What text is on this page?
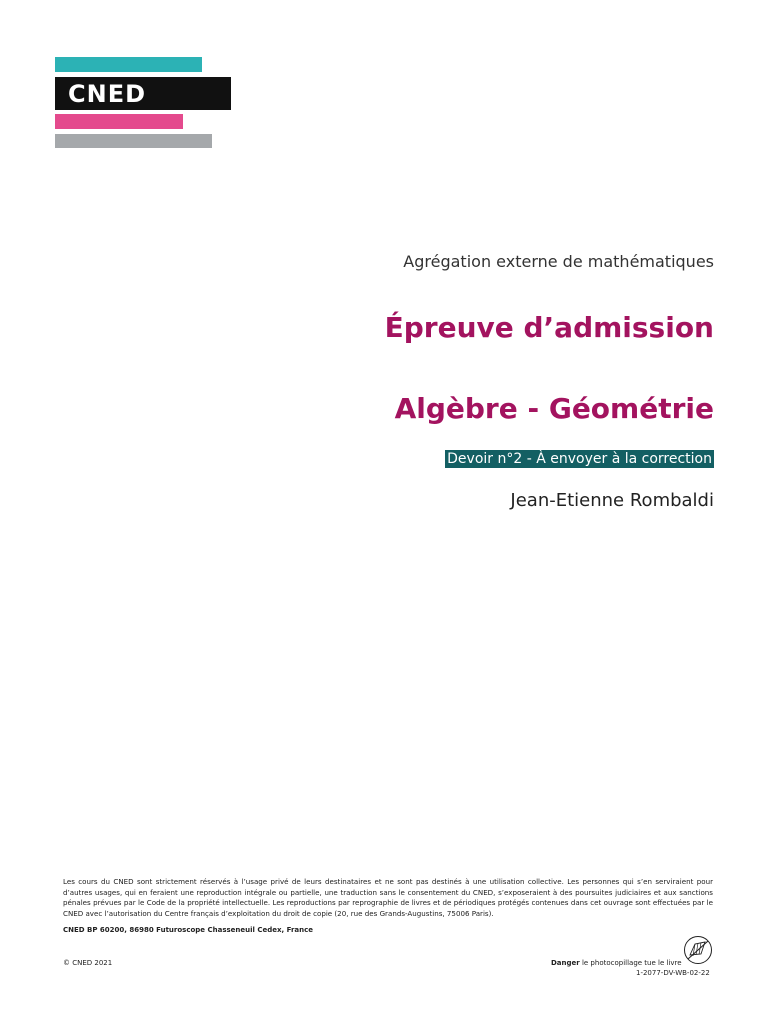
CNED

Agrégation externe de mathématiques

Épreuve d’admission

Algèbre - Géométrie

Devoir n°2 - À envoyer à la correction

Jean-Etienne Rombaldi

Les cours du CNED sont strictement réservés à l’usage privé de leurs destinataires et ne sont pas destinés à une utilisation collective. Les personnes qui s’en serviraient pour d’autres usages, qui en feraient une reproduction intégrale ou partielle, une traduction sans le consentement du CNED, s’exposeraient à des poursuites judiciaires et aux sanctions pénales prévues par le Code de la propriété intellectuelle. Les reproductions par reprographie de livres et de périodiques protégés contenues dans cet ouvrage sont effectuées par le CNED avec l’autorisation du Centre français d’exploitation du droit de copie (20, rue des Grands-Augustins, 75006 Paris).
CNED BP 60200, 86980 Futuroscope Chasseneuil Cedex, France
© CNED 2021	Danger le photocopillage tue le livre
1-2077-DV-WB-02-22
